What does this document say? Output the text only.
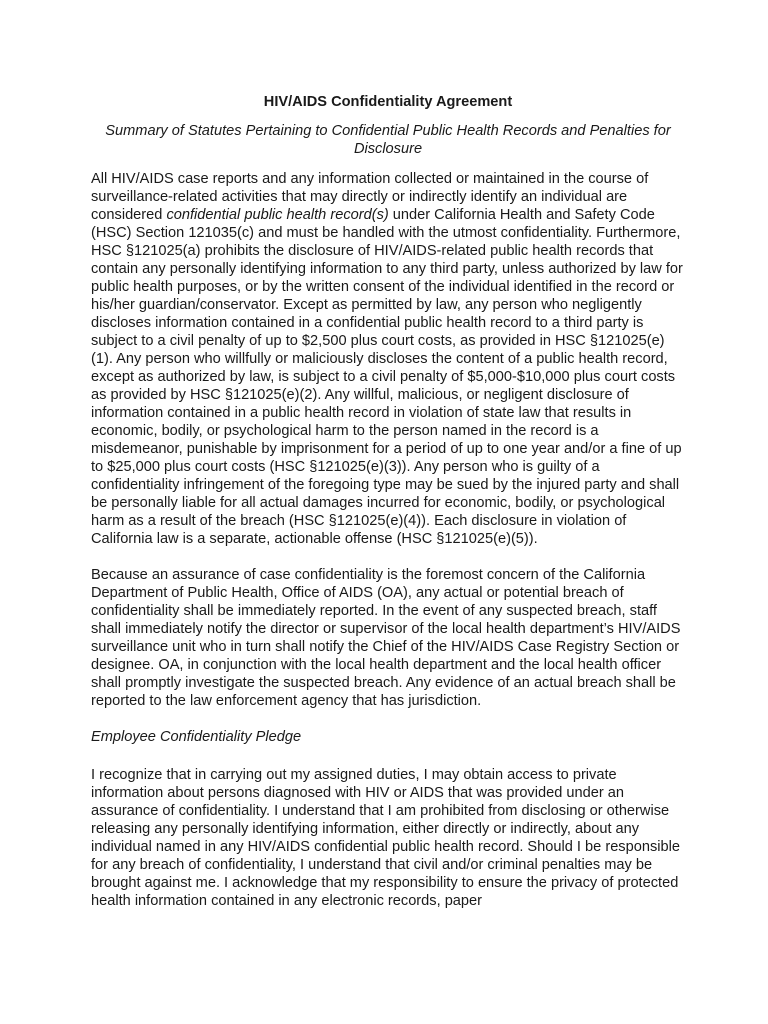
HIV/AIDS Confidentiality Agreement
Summary of Statutes Pertaining to Confidential Public Health Records and Penalties for Disclosure
All HIV/AIDS case reports and any information collected or maintained in the course of surveillance-related activities that may directly or indirectly identify an individual are considered confidential public health record(s) under California Health and Safety Code (HSC) Section 121035(c) and must be handled with the utmost confidentiality. Furthermore, HSC §121025(a) prohibits the disclosure of HIV/AIDS-related public health records that contain any personally identifying information to any third party, unless authorized by law for public health purposes, or by the written consent of the individual identified in the record or his/her guardian/conservator. Except as permitted by law, any person who negligently discloses information contained in a confidential public health record to a third party is subject to a civil penalty of up to $2,500 plus court costs, as provided in HSC §121025(e)(1). Any person who willfully or maliciously discloses the content of a public health record, except as authorized by law, is subject to a civil penalty of $5,000-$10,000 plus court costs as provided by HSC §121025(e)(2). Any willful, malicious, or negligent disclosure of information contained in a public health record in violation of state law that results in economic, bodily, or psychological harm to the person named in the record is a misdemeanor, punishable by imprisonment for a period of up to one year and/or a fine of up to $25,000 plus court costs (HSC §121025(e)(3)). Any person who is guilty of a confidentiality infringement of the foregoing type may be sued by the injured party and shall be personally liable for all actual damages incurred for economic, bodily, or psychological harm as a result of the breach (HSC §121025(e)(4)). Each disclosure in violation of California law is a separate, actionable offense (HSC §121025(e)(5)).
Because an assurance of case confidentiality is the foremost concern of the California Department of Public Health, Office of AIDS (OA), any actual or potential breach of confidentiality shall be immediately reported. In the event of any suspected breach, staff shall immediately notify the director or supervisor of the local health department’s HIV/AIDS surveillance unit who in turn shall notify the Chief of the HIV/AIDS Case Registry Section or designee. OA, in conjunction with the local health department and the local health officer shall promptly investigate the suspected breach. Any evidence of an actual breach shall be reported to the law enforcement agency that has jurisdiction.
Employee Confidentiality Pledge
I recognize that in carrying out my assigned duties, I may obtain access to private information about persons diagnosed with HIV or AIDS that was provided under an assurance of confidentiality. I understand that I am prohibited from disclosing or otherwise releasing any personally identifying information, either directly or indirectly, about any individual named in any HIV/AIDS confidential public health record. Should I be responsible for any breach of confidentiality, I understand that civil and/or criminal penalties may be brought against me. I acknowledge that my responsibility to ensure the privacy of protected health information contained in any electronic records, paper
